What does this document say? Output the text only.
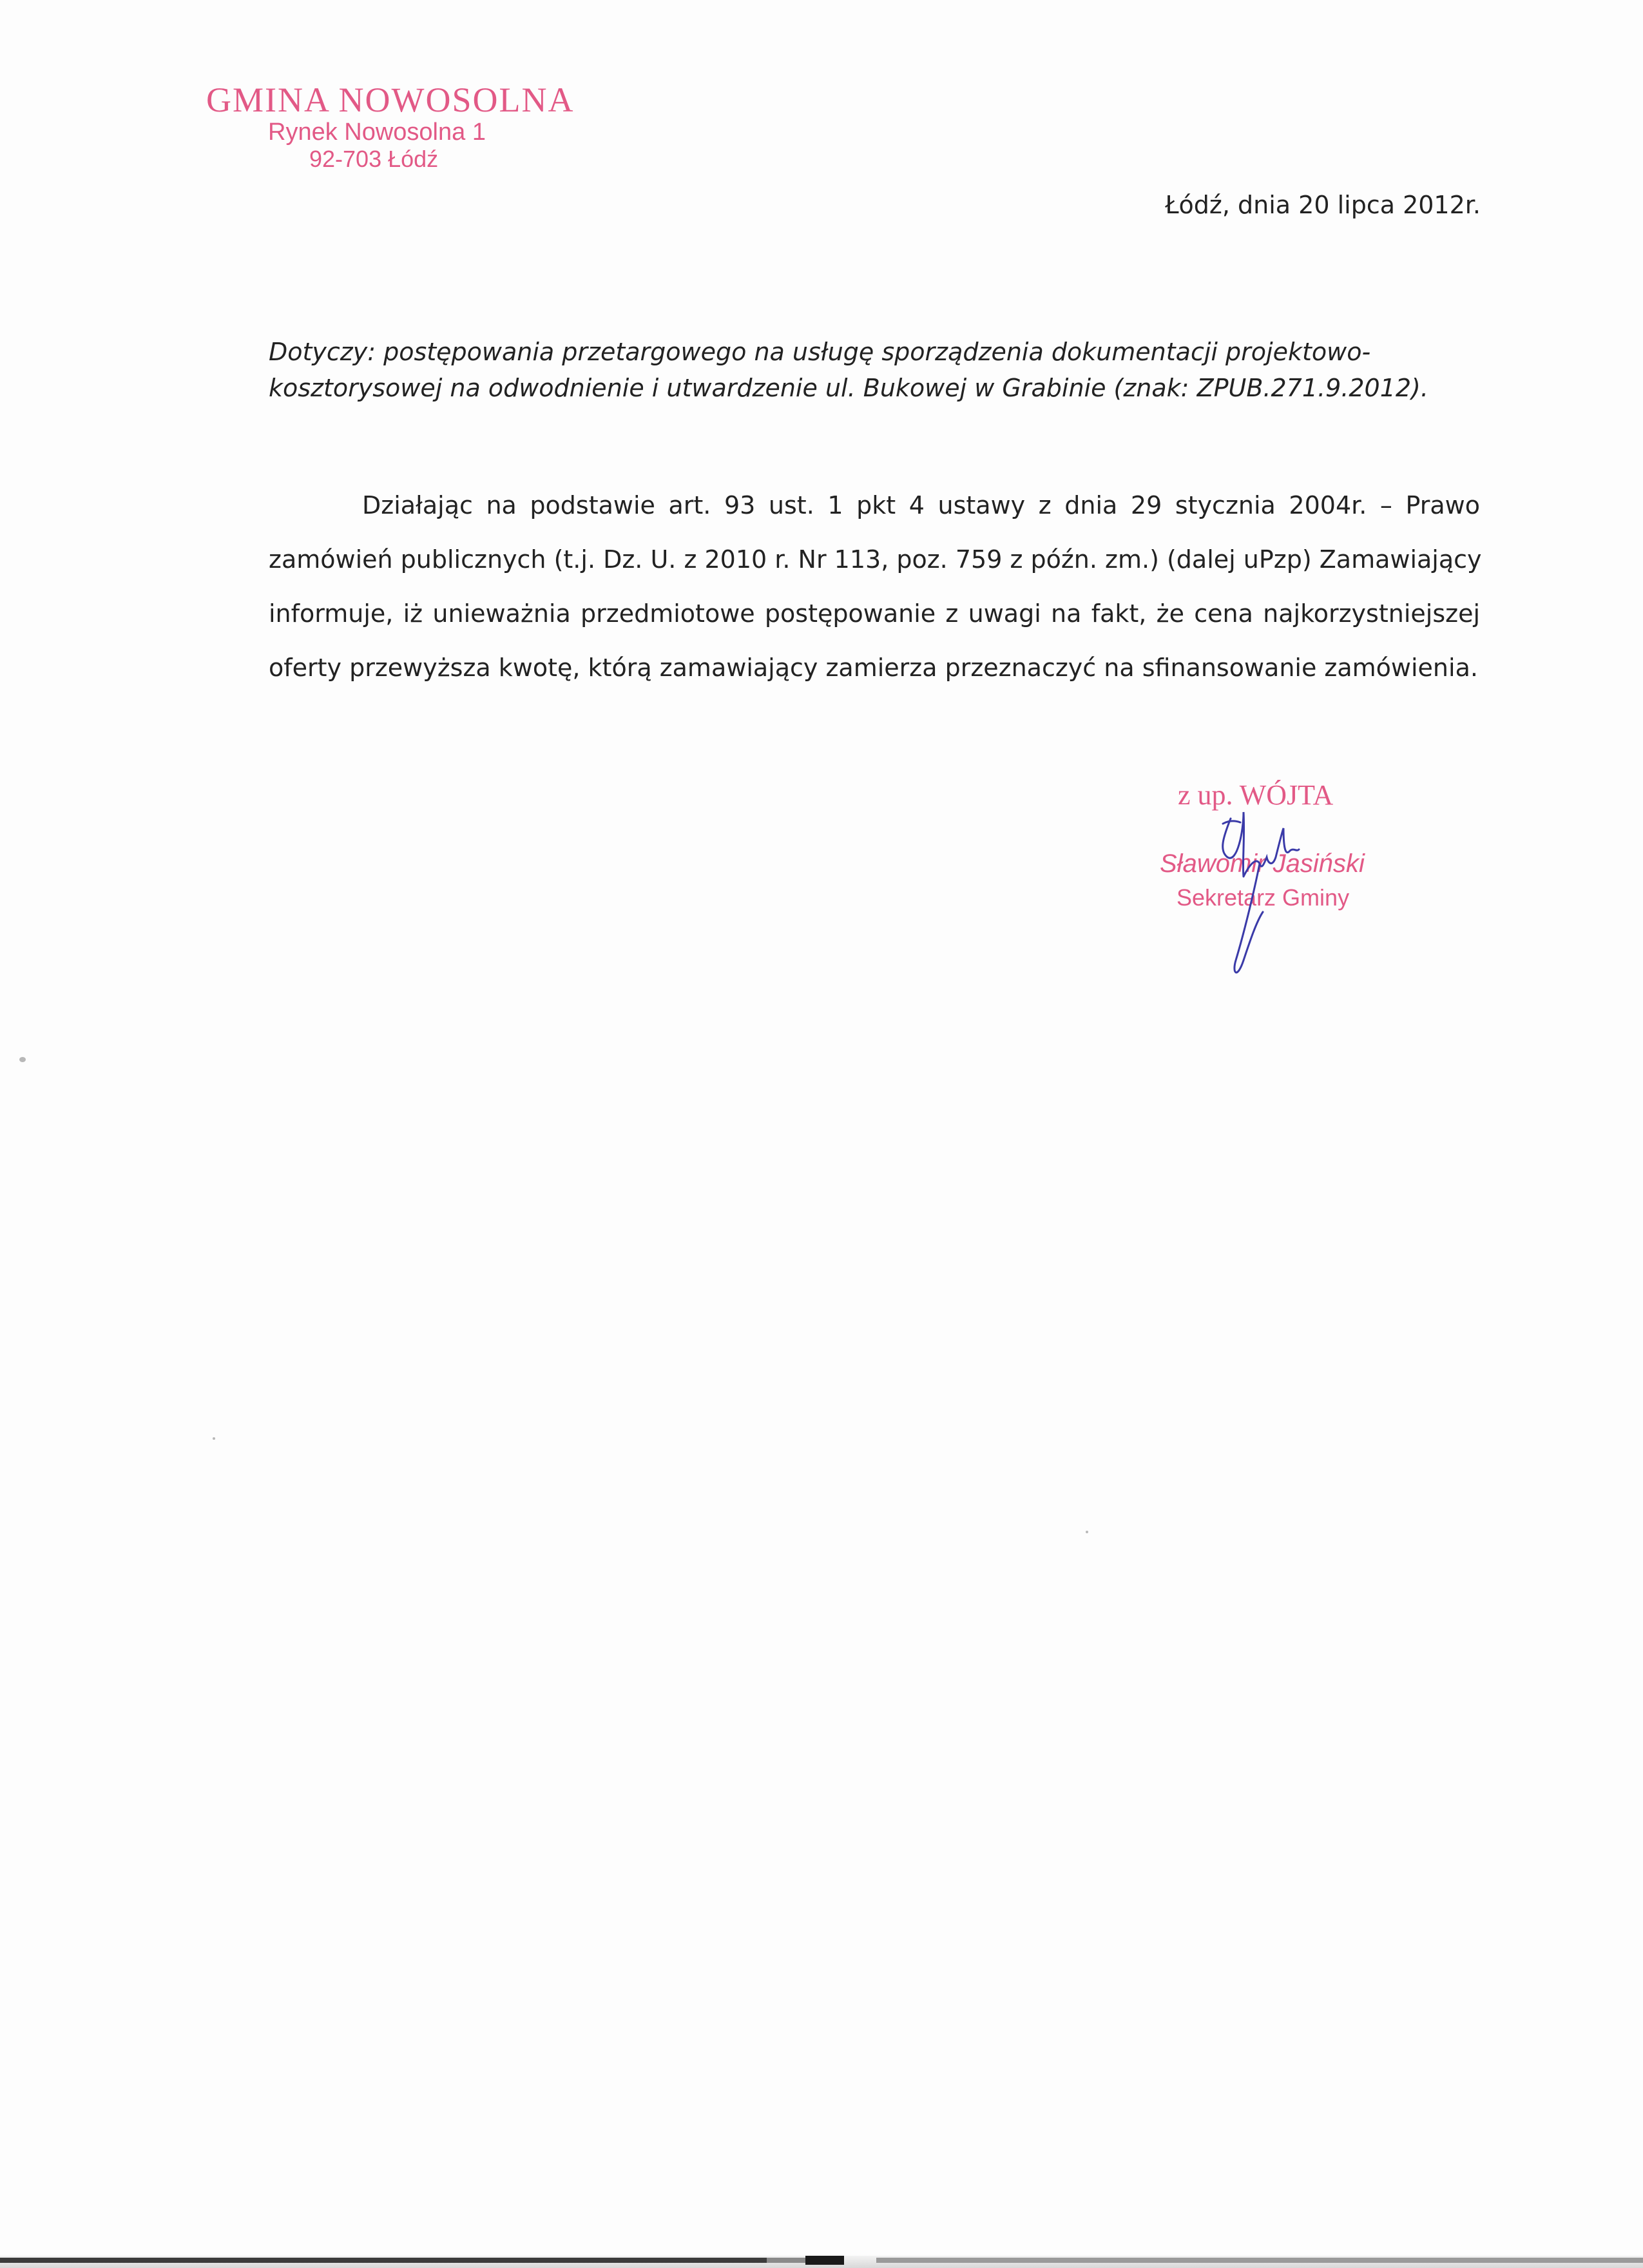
GMINA NOWOSOLNA
Rynek Nowosolna 1
92-703 Łódź
Łódź, dnia 20 lipca 2012r.
Dotyczy: postępowania przetargowego na usługę sporządzenia dokumentacji projektowo-
kosztorysowej na odwodnienie i utwardzenie ul. Bukowej w Grabinie (znak: ZPUB.271.9.2012).
Działając na podstawie art. 93 ust. 1 pkt 4 ustawy z dnia 29 stycznia 2004r. – Prawo
zamówień publicznych (t.j. Dz. U. z 2010 r. Nr 113, poz. 759 z późn. zm.) (dalej uPzp) Zamawiający
informuje, iż unieważnia przedmiotowe postępowanie z uwagi na fakt, że cena najkorzystniejszej
oferty przewyższa kwotę, którą zamawiający zamierza przeznaczyć na sfinansowanie zamówienia.
z up. WÓJTA
Sławomir Jasiński
Sekretarz Gminy
